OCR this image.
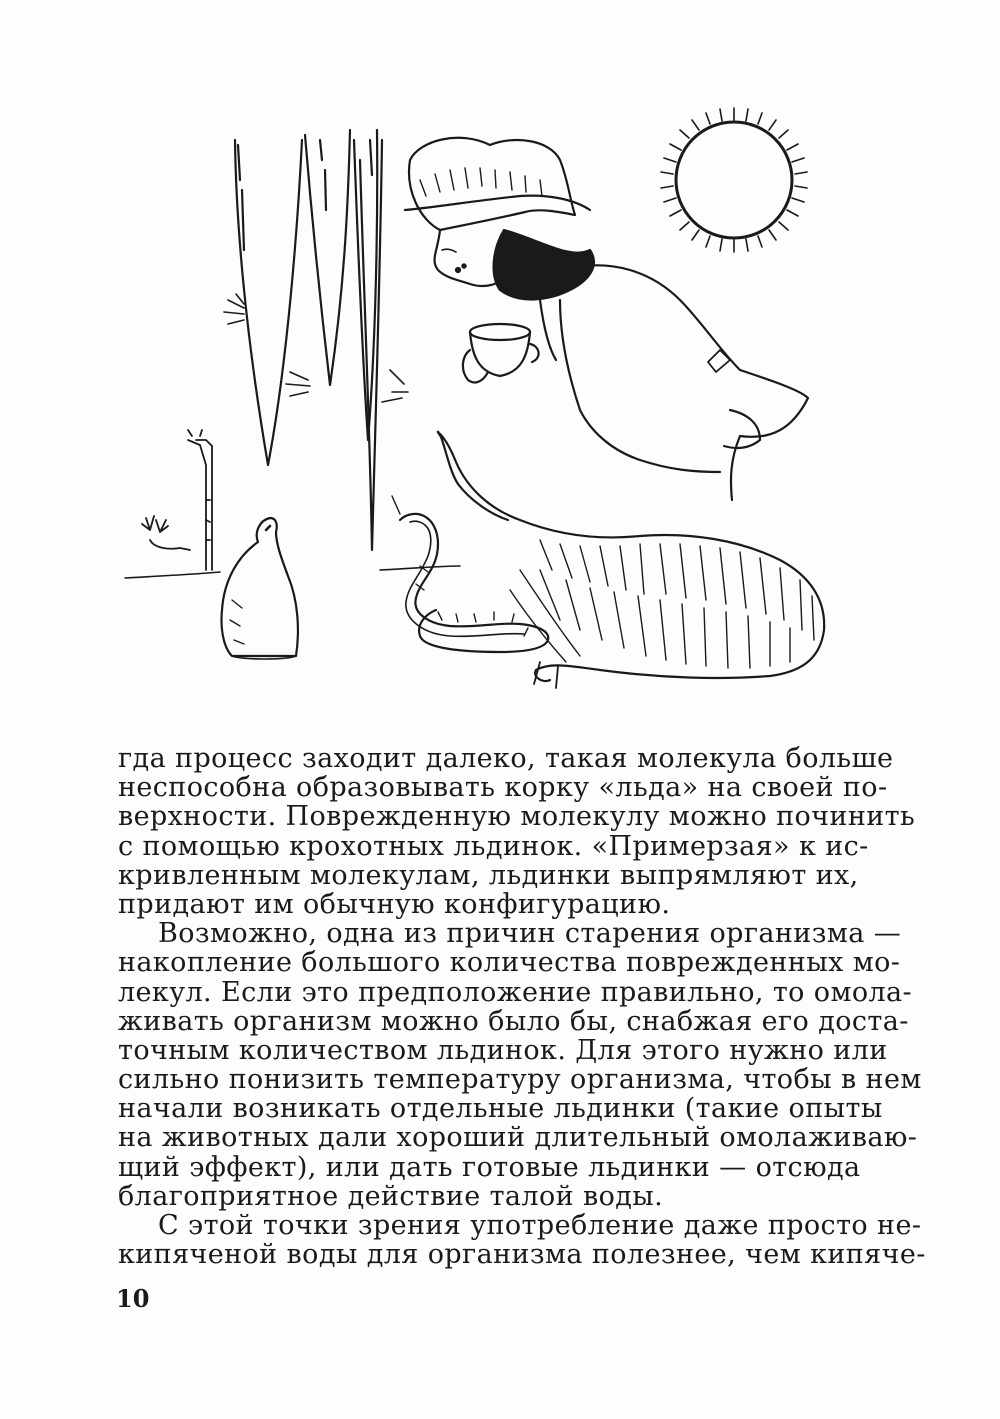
гда процесс заходит далеко, такая молекула больше
неспособна образовывать корку «льда» на своей по-
верхности. Поврежденную молекулу можно починить
с помощью крохотных льдинок. «Примерзая» к ис-
кривленным молекулам, льдинки выпрямляют их,
придают им обычную конфигурацию.
Возможно, одна из причин старения организма —
накопление большого количества поврежденных мо-
лекул. Если это предположение правильно, то омола-
живать организм можно было бы, снабжая его доста-
точным количеством льдинок. Для этого нужно или
сильно понизить температуру организма, чтобы в нем
начали возникать отдельные льдинки (такие опыты
на животных дали хороший длительный омолаживаю-
щий эффект), или дать готовые льдинки — отсюда
благоприятное действие талой воды.
С этой точки зрения употребление даже просто не-
кипяченой воды для организма полезнее, чем кипяче-
10
